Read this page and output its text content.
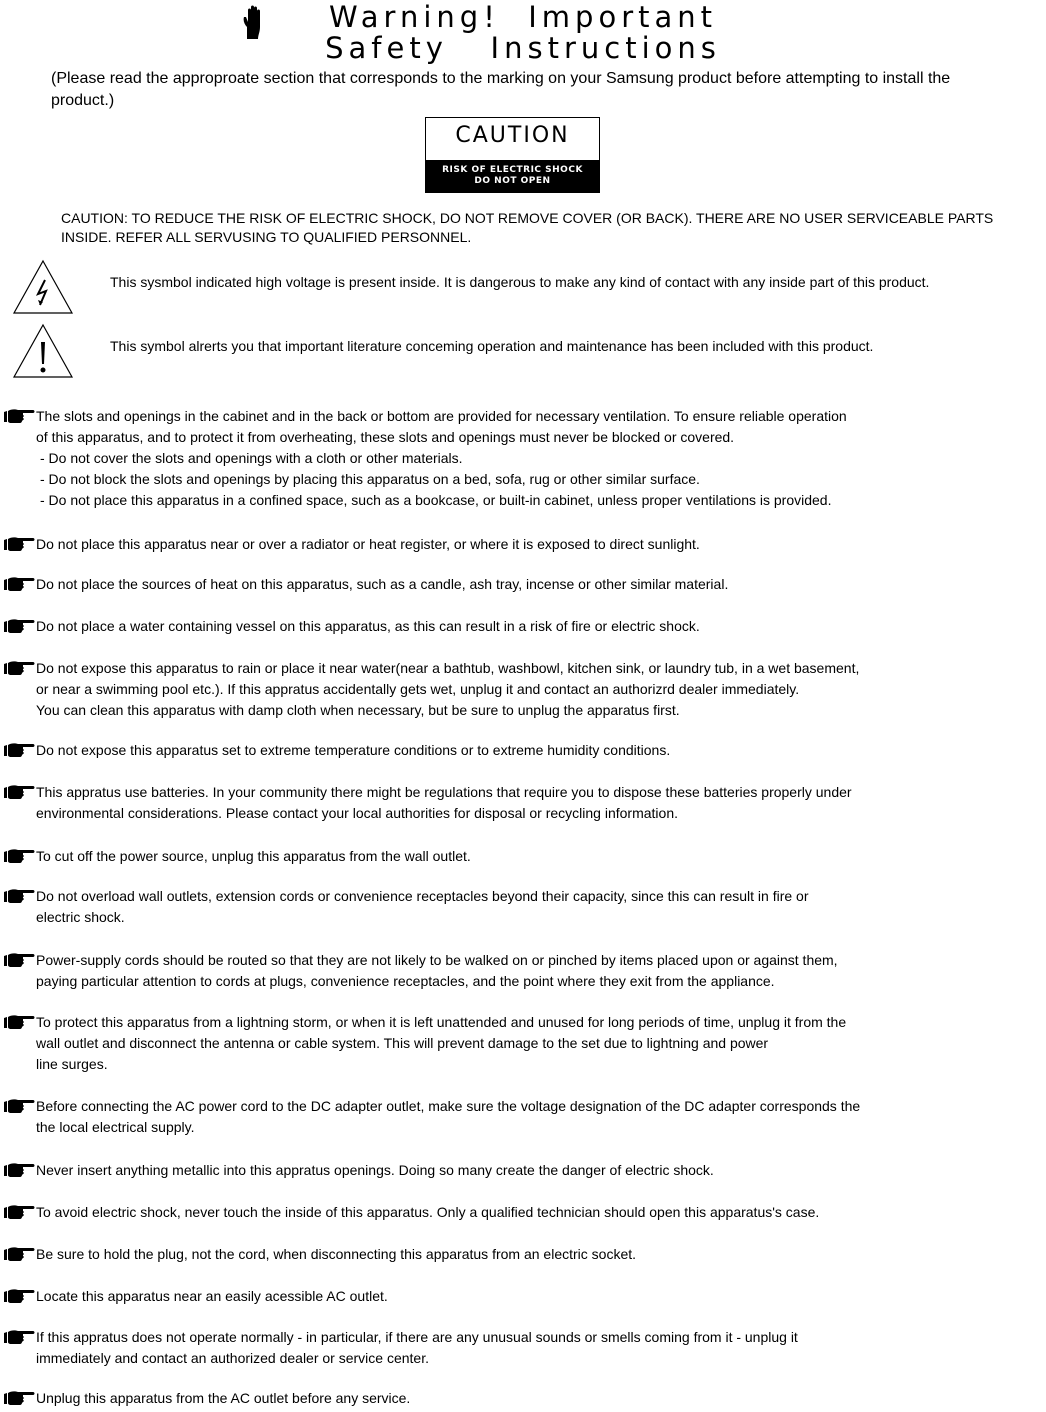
Warning!  Important
Safety   Instructions
(Please read the approproate section that corresponds to the marking on your Samsung product before attempting to install the product.)
CAUTION
RISK OF ELECTRIC SHOCK
DO NOT OPEN
CAUTION: TO REDUCE THE RISK OF ELECTRIC SHOCK, DO NOT REMOVE COVER (OR BACK). THERE ARE NO USER SERVICEABLE PARTS INSIDE. REFER ALL SERVUSING TO QUALIFIED PERSONNEL.
This sysmbol indicated high voltage is present inside. It is dangerous to make any kind of contact with any inside part of this product.
This symbol alrerts you that important literature conceming operation and maintenance has been included with this product.
The slots and openings in the cabinet and in the back or bottom are provided for necessary ventilation. To ensure reliable operation
of this apparatus, and to protect it from overheating, these slots and openings must never be blocked or covered.
- Do not cover the slots and openings with a cloth or other materials.
- Do not block the slots and openings by placing this apparatus on a bed, sofa, rug or other similar surface.
- Do not place this apparatus in a confined space, such as a bookcase, or built-in cabinet, unless proper ventilations is provided.
Do not place this apparatus near or over a radiator or heat register, or where it is exposed to direct sunlight.
Do not place the sources of heat on this apparatus, such as a candle, ash tray, incense or other similar material.
Do not place a water containing vessel on this apparatus, as this can result in a risk of fire or electric shock.
Do not expose this apparatus to rain or place it near water(near a bathtub, washbowl, kitchen sink, or laundry tub, in a wet basement,
or near a swimming pool etc.). If this appratus accidentally gets wet, unplug it and contact an authorizrd dealer immediately.
You can clean this apparatus with damp cloth when necessary, but be sure to unplug the apparatus first.
Do not expose this apparatus set to extreme temperature conditions or to extreme humidity conditions.
This appratus use batteries. In your community there might be regulations that require you to dispose these batteries properly under
environmental considerations. Please contact your local authorities for disposal or recycling information.
To cut off the power source, unplug this apparatus from the wall outlet.
Do not overload wall outlets, extension cords or convenience receptacles beyond their capacity, since this can result in fire or
electric shock.
Power-supply cords should be routed so that they are not likely to be walked on or pinched by items placed upon or against them,
paying particular attention to cords at plugs, convenience receptacles, and the point where they exit from the appliance.
To protect this apparatus from a lightning storm, or when it is left unattended and unused for long periods of time, unplug it from the
wall outlet and disconnect the antenna or cable system. This will prevent damage to the set due to lightning and power
line surges.
Before connecting the AC power cord to the DC adapter outlet, make sure the voltage designation of the DC adapter corresponds the
the local electrical supply.
Never insert anything metallic into this appratus openings. Doing so many create the danger of electric shock.
To avoid electric shock, never touch the inside of this apparatus. Only a qualified technician should open this apparatus's case.
Be sure to hold the plug, not the cord, when disconnecting this apparatus from an electric socket.
Locate this apparatus near an easily acessible AC outlet.
If this appratus does not operate normally - in particular, if there are any unusual sounds or smells coming from it - unplug it
immediately and contact an authorized dealer or service center.
Unplug this apparatus from the AC outlet before any service.
